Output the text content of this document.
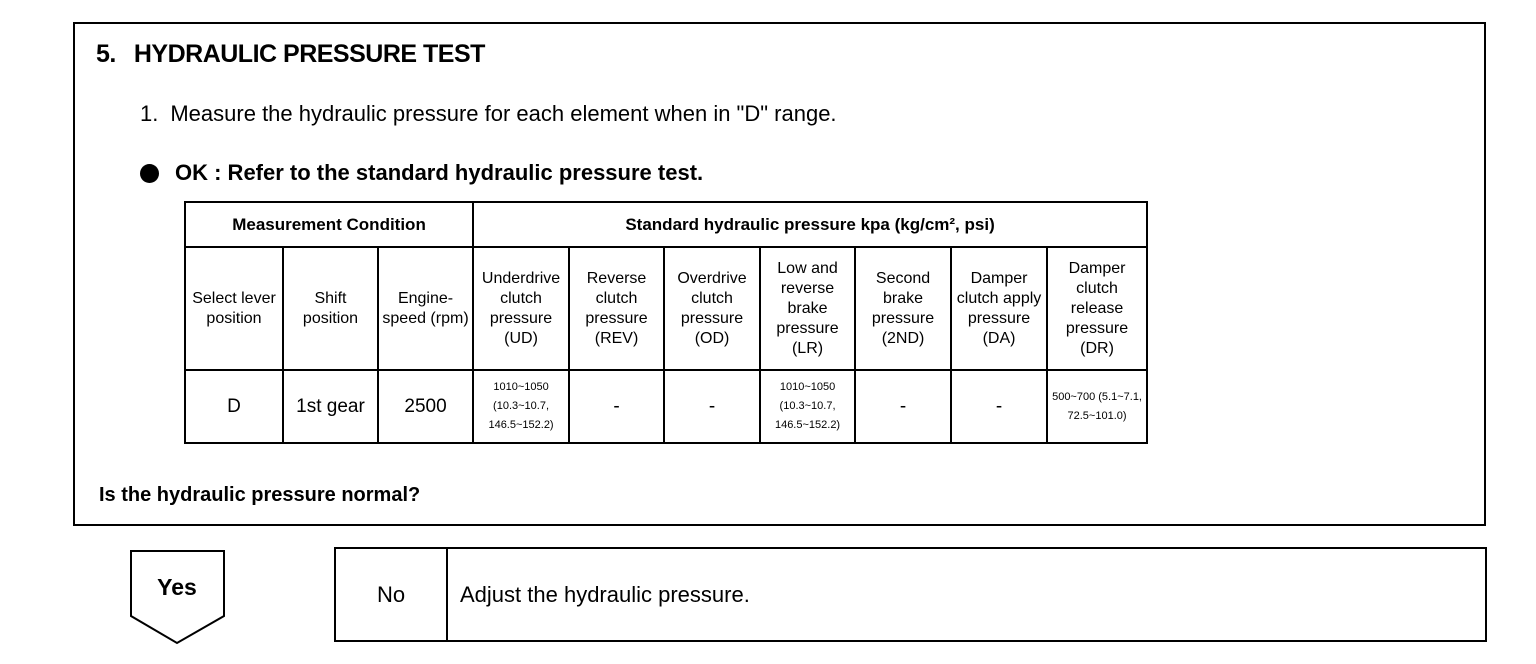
5. HYDRAULIC PRESSURE TEST
1. Measure the hydraulic pressure for each element when in "D" range.
OK : Refer to the standard hydraulic pressure test.
Measurement Condition			Standard hydraulic pressure kpa (kg/cm², psi)						
Select lever position	Shift position	Engine-speed (rpm)	Underdrive clutch pressure (UD)	Reverse clutch pressure (REV)	Overdrive clutch pressure (OD)	Low and reverse brake pressure (LR)	Second brake pressure (2ND)	Damper clutch apply pressure (DA)	Damper clutch release pressure (DR)
D	1st gear	2500	1010~1050 (10.3~10.7, 146.5~152.2)	-	-	1010~1050 (10.3~10.7, 146.5~152.2)	-	-	500~700 (5.1~7.1, 72.5~101.0)
Is the hydraulic pressure normal?
Yes	No	Adjust the hydraulic pressure.
